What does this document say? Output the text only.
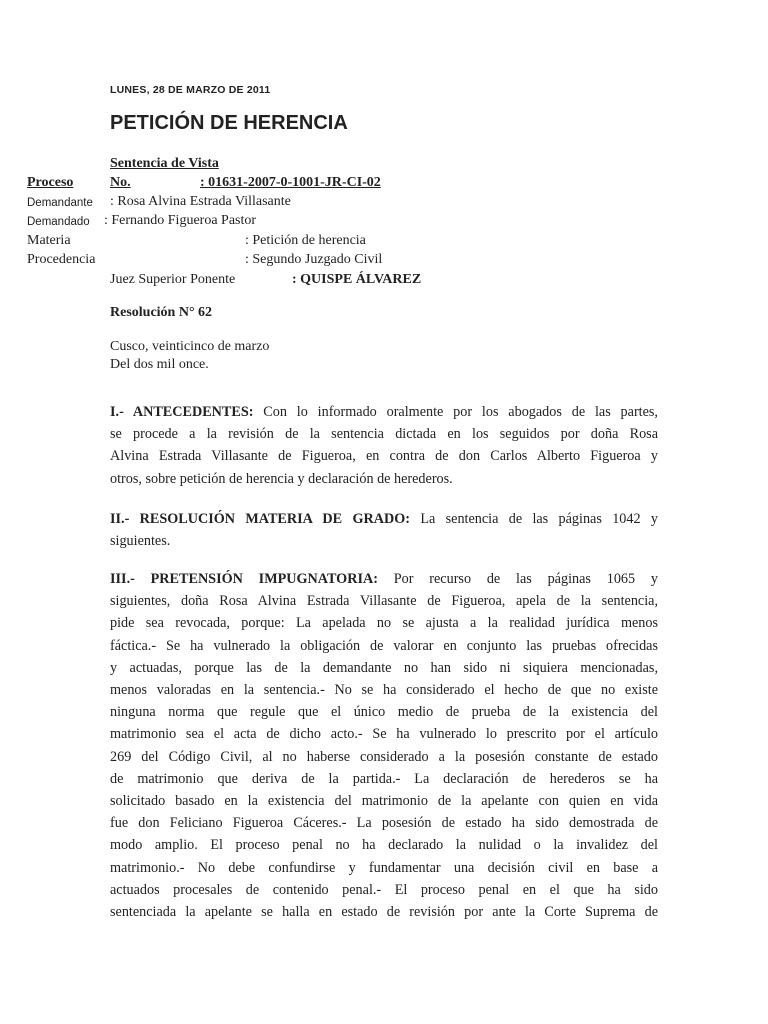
LUNES, 28 DE MARZO DE 2011
PETICIÓN DE HERENCIA
Sentencia de Vista
Proceso	No.	: 01631-2007-0-1001-JR-CI-02
Demandante : Rosa Alvina Estrada Villasante
Demandado : Fernando Figueroa Pastor
Materia	: Petición de herencia
Procedencia	: Segundo Juzgado Civil
Juez Superior Ponente	: QUISPE ÁLVAREZ
Resolución N° 62
Cusco, veinticinco de marzo
Del dos mil once.
I.- ANTECEDENTES: Con lo informado oralmente por los abogados de las partes,
se procede a la revisión de la sentencia dictada en los seguidos por doña Rosa
Alvina Estrada Villasante de Figueroa, en contra de don Carlos Alberto Figueroa y
otros, sobre petición de herencia y declaración de herederos.
II.- RESOLUCIÓN MATERIA DE GRADO: La sentencia de las páginas 1042 y
siguientes.
III.- PRETENSIÓN IMPUGNATORIA: Por recurso de las páginas 1065 y
siguientes, doña Rosa Alvina Estrada Villasante de Figueroa, apela de la sentencia,
pide sea revocada, porque: La apelada no se ajusta a la realidad jurídica menos
fáctica.- Se ha vulnerado la obligación de valorar en conjunto las pruebas ofrecidas
y actuadas, porque las de la demandante no han sido ni siquiera mencionadas,
menos valoradas en la sentencia.- No se ha considerado el hecho de que no existe
ninguna norma que regule que el único medio de prueba de la existencia del
matrimonio sea el acta de dicho acto.- Se ha vulnerado lo prescrito por el artículo
269 del Código Civil, al no haberse considerado a la posesión constante de estado
de matrimonio que deriva de la partida.- La declaración de herederos se ha
solicitado basado en la existencia del matrimonio de la apelante con quien en vida
fue don Feliciano Figueroa Cáceres.- La posesión de estado ha sido demostrada de
modo amplio. El proceso penal no ha declarado la nulidad o la invalidez del
matrimonio.- No debe confundirse y fundamentar una decisión civil en base a
actuados procesales de contenido penal.- El proceso penal en el que ha sido
sentenciada la apelante se halla en estado de revisión por ante la Corte Suprema de
